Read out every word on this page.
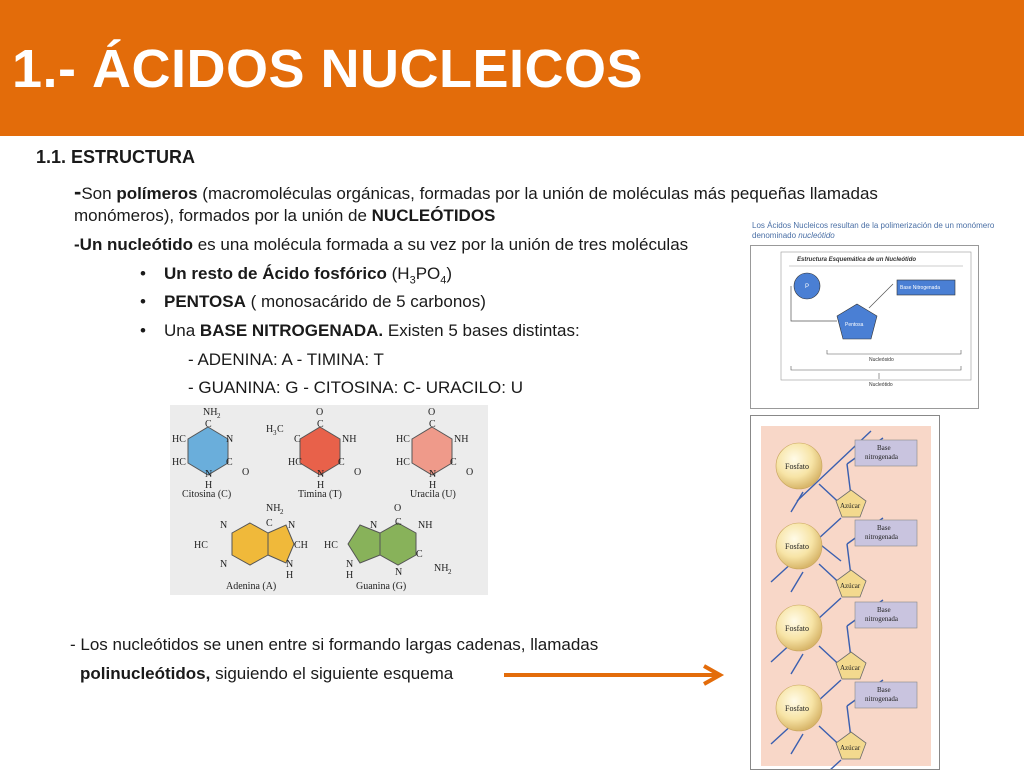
1.- ÁCIDOS NUCLEICOS
1.1. ESTRUCTURA
-Son polímeros (macromoléculas orgánicas, formadas por la unión de moléculas más pequeñas llamadas
monómeros), formados por la unión de NUCLEÓTIDOS
-Un nucleótido es una molécula formada a su vez por la unión de tres moléculas
• Un resto de Ácido fosfórico $(H_3PO_4)$
• PENTOSA ( monosacárido de 5 carbonos)
• Una BASE NITROGENADA. Existen 5 bases distintas:
- ADENINA: A - TIMINA: T
- GUANINA: G - CITOSINA: C- URACILO: U
NH 2
C
HC	N
HC	C
O
N
H
Citosina (C)
O
C
H 3 C
C	NH
HC	C
O
N
H
Timina (T)
O
C
HC	NH
HC	C
O
N
H
Uracila (U)
NH 2
C
N	N
HC	CH
N	N
H
Adenina (A)
O
C
N	NH
HC
C
NH 2
N
N
H
Guanina (G)
- Los nucleótidos se unen entre si formando largas cadenas, llamadas
polinucleótidos, siguiendo el siguiente esquema
Los Ácidos Nucleicos resultan de la polimerización de un monómero denominado nucleótido
Estructura Esquemática de un Nucleótido
P
Pentosa
Base Nitrogenada
Nucleósido
Nucleótido
Fosfato
Azúcar
Base
nitrogenada
Fosfato
Azúcar
Base
nitrogenada
Fosfato
Azúcar
Base
nitrogenada
Fosfato
Azúcar
Base
nitrogenada
